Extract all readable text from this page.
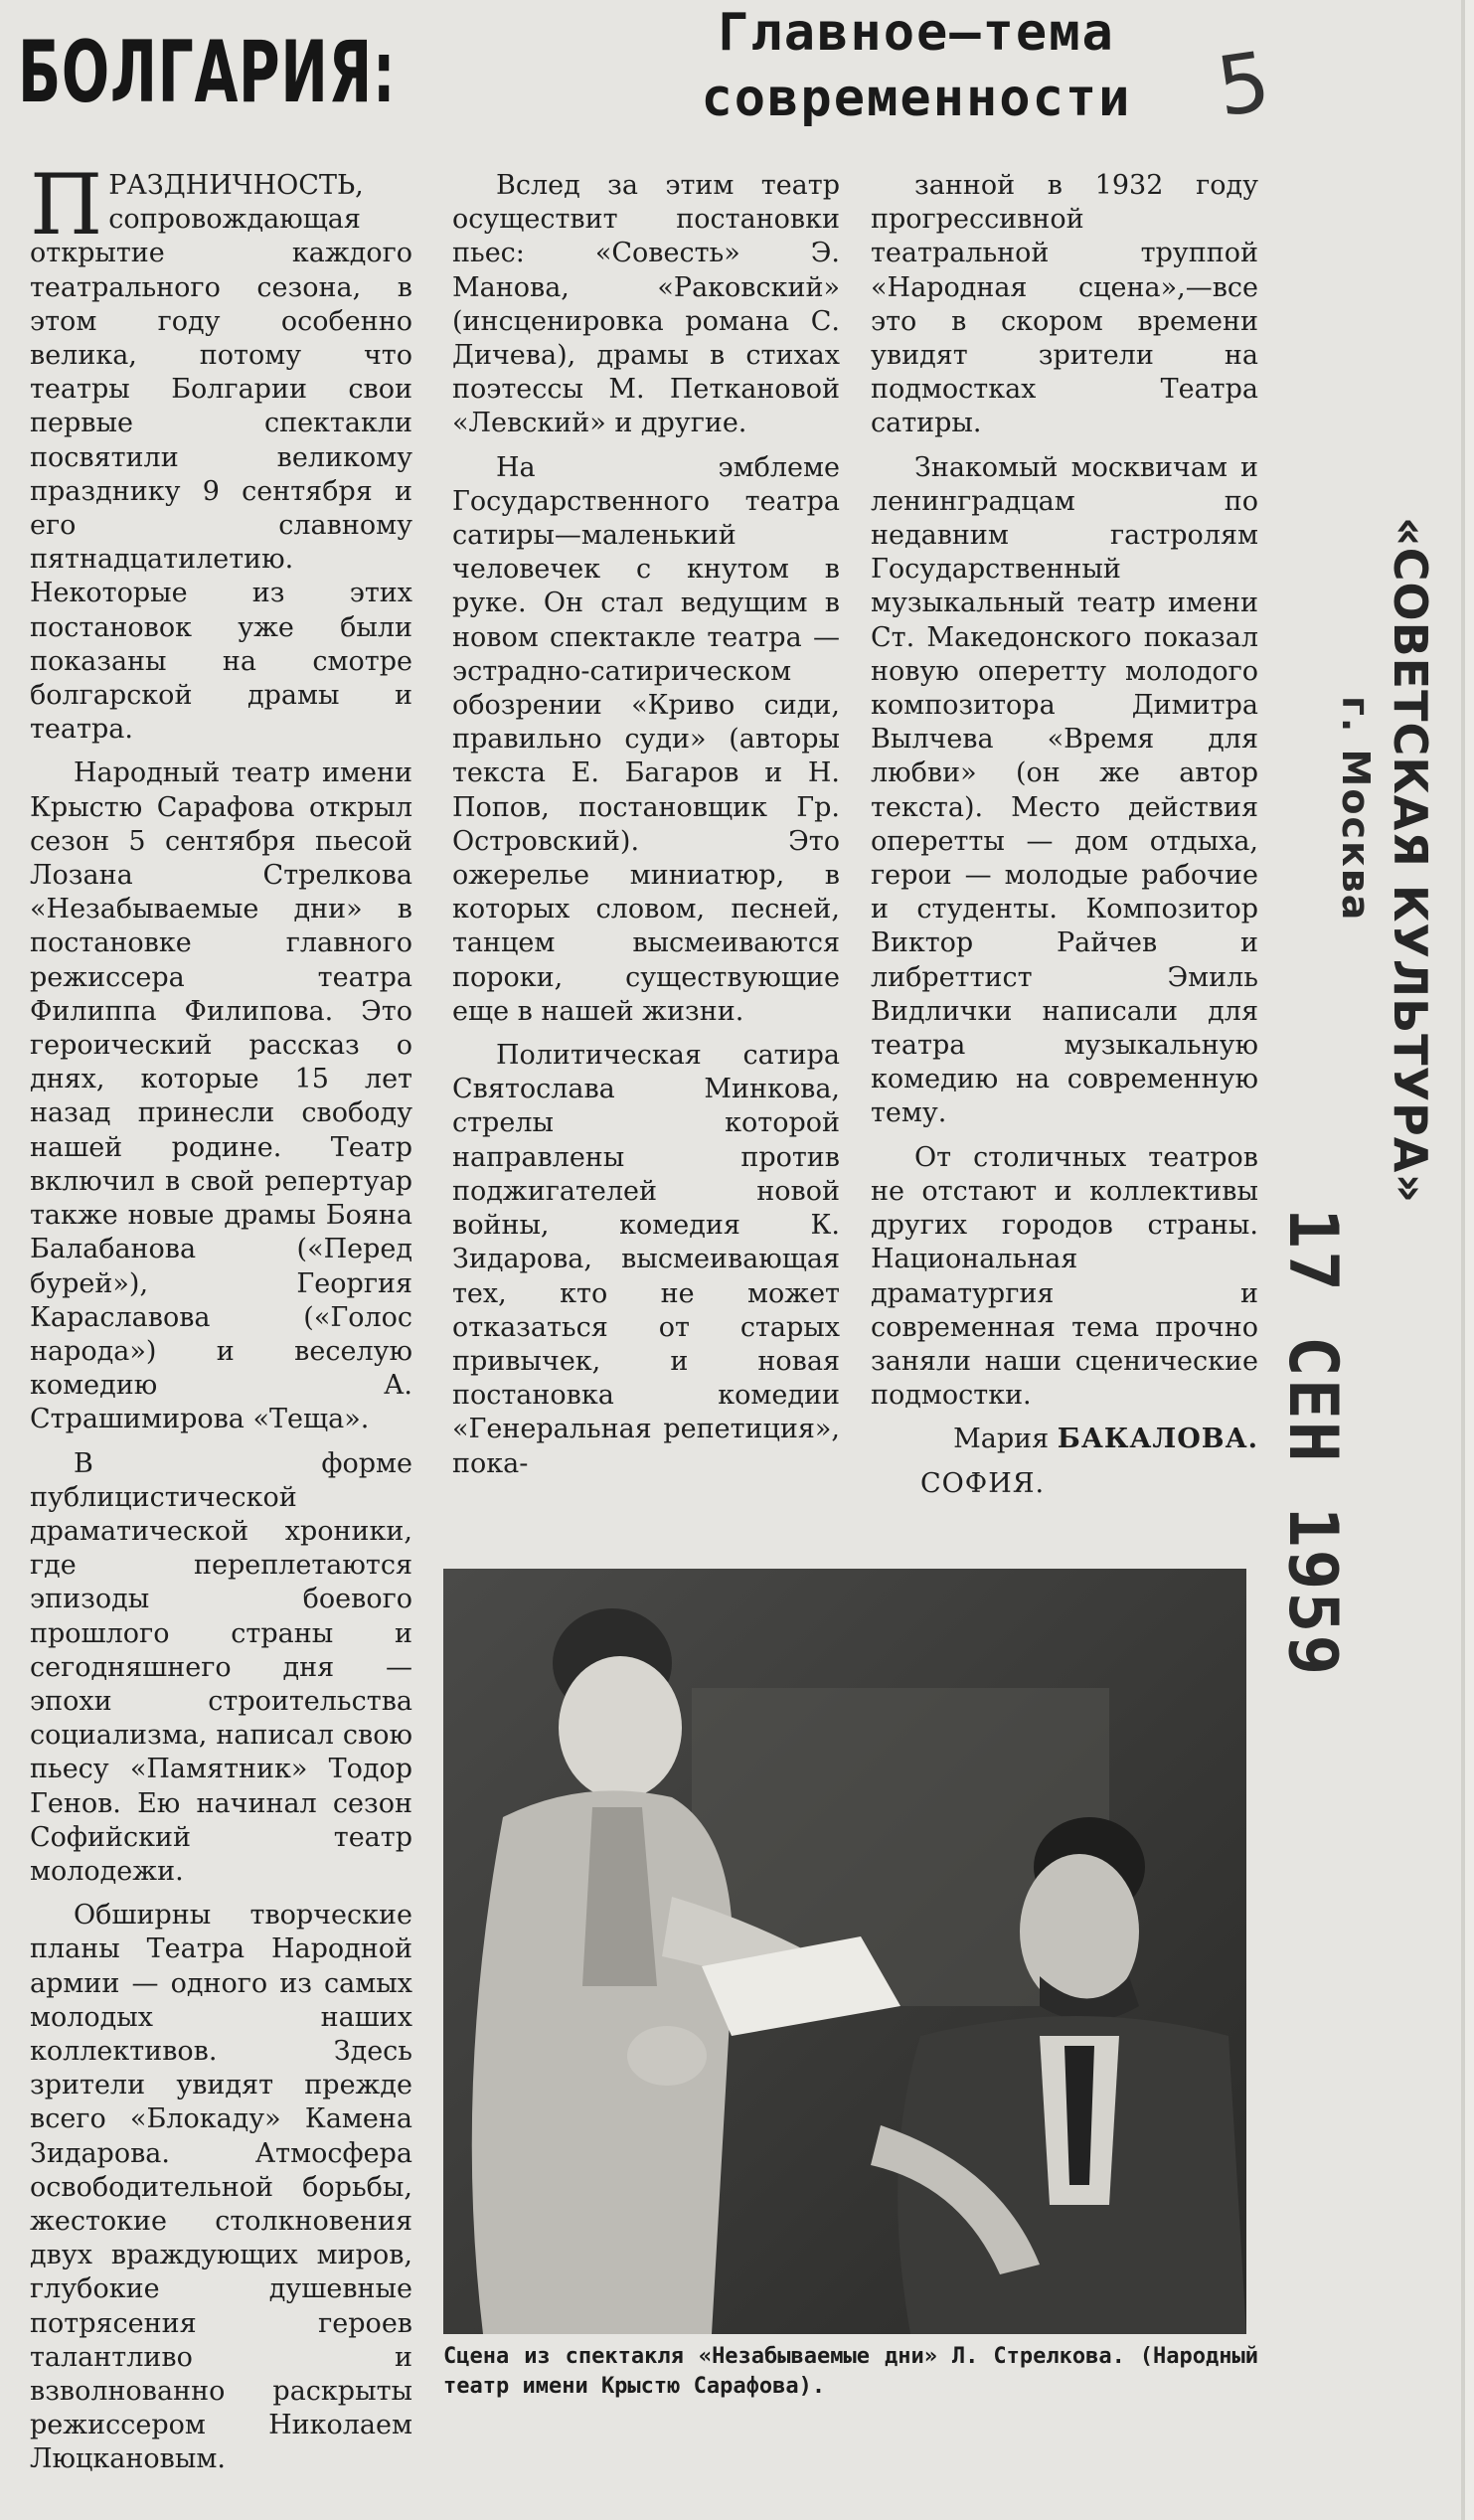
БОЛГАРИЯ:	Главное—тема
современности 5

ПРАЗДНИЧНОСТЬ, сопровождающая открытие каждого театрального сезона, в этом году особенно велика, потому что театры Болгарии свои первые спектакли посвятили великому празднику 9 сентября и его славному пятнадцатилетию. Некоторые из этих постановок уже были показаны на смотре болгарской драмы и театра.

Народный театр имени Крыстю Сарафова открыл сезон 5 сентября пьесой Лозана Стрелкова «Незабываемые дни» в постановке главного режиссера театра Филиппа Филипова. Это героический рассказ о днях, которые 15 лет назад принесли свободу нашей родине. Театр включил в свой репертуар также новые драмы Бояна Балабанова («Перед бурей»), Георгия Караславова («Голос народа») и веселую комедию А. Страшимирова «Теща».

В форме публицистической драматической хроники, где переплетаются эпизоды боевого прошлого страны и сегодняшнего дня — эпохи строительства социализма, написал свою пьесу «Памятник» Тодор Генов. Ею начинал сезон Софийский театр молодежи.

Обширны творческие планы Театра Народной армии — одного из самых молодых наших коллективов. Здесь зрители увидят прежде всего «Блокаду» Камена Зидарова. Атмосфера освободительной борьбы, жестокие столкновения двух враждующих миров, глубокие душевные потрясения героев талантливо и взволнованно раскрыты режиссером Николаем Люцкановым.

Вслед за этим театр осуществит постановки пьес: «Совесть» Э. Манова, «Раковский» (инсценировка романа С. Дичева), драмы в стихах поэтессы М. Петкановой «Левский» и другие.

На эмблеме Государственного театра сатиры—маленький человечек с кнутом в руке. Он стал ведущим в новом спектакле театра — эстрадно-сатирическом обозрении «Криво сиди, правильно суди» (авторы текста Е. Багаров и Н. Попов, постановщик Гр. Островский). Это ожерелье миниатюр, в которых словом, песней, танцем высмеиваются пороки, существующие еще в нашей жизни.

Политическая сатира Святослава Минкова, стрелы которой направлены против поджигателей новой войны, комедия К. Зидарова, высмеивающая тех, кто не может отказаться от старых привычек, и новая постановка комедии «Генеральная репетиция», пока-

занной в 1932 году прогрессивной театральной труппой «Народная сцена»,—все это в скором времени увидят зрители на подмостках Театра сатиры.

Знакомый москвичам и ленинградцам по недавним гастролям Государственный музыкальный театр имени Ст. Македонского показал новую оперетту молодого композитора Димитра Вылчева «Время для любви» (он же автор текста). Место действия оперетты — дом отдыха, герои — молодые рабочие и студенты. Композитор Виктор Райчев и либреттист Эмиль Видлички написали для театра музыкальную комедию на современную тему.

От столичных театров не отстают и коллективы других городов страны. Национальная драматургия и современная тема прочно заняли наши сценические подмостки.

Мария БАКАЛОВА.

СОФИЯ.

Сцена из спектакля «Незабываемые дни» Л. Стрелкова. (Народный театр имени Крыстю Сарафова).
«СОВЕТСКАЯ КУЛЬТУРА»
г. Москва
17 СЕН 1959
